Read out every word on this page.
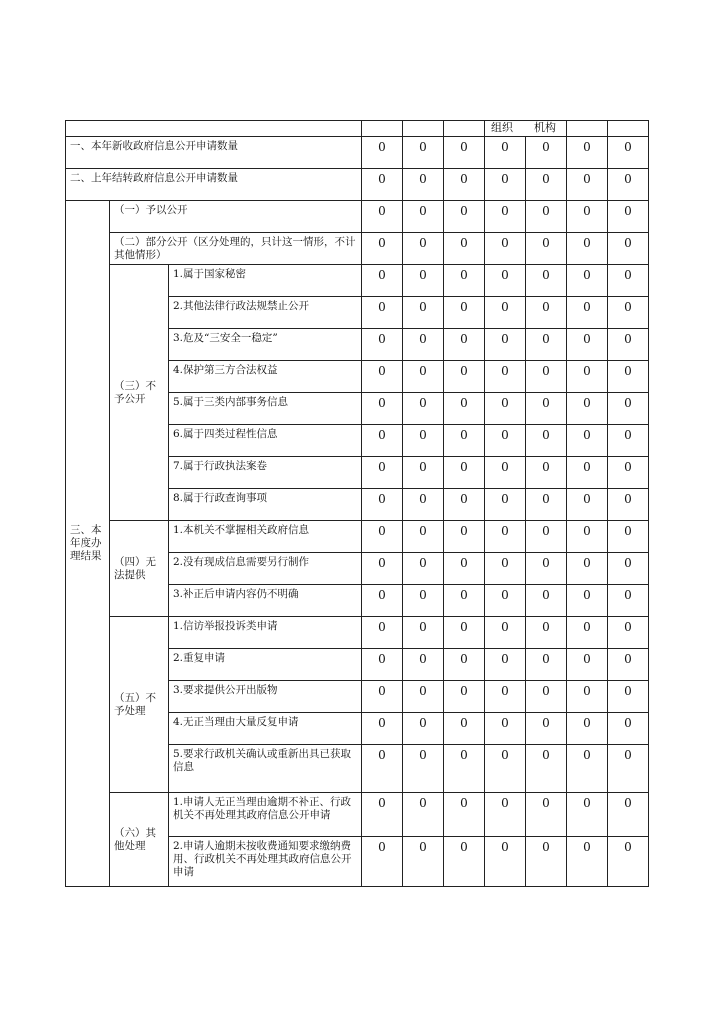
						组织 机构			
一、本年新收政府信息公开申请数量			0	0	0	0	0	0	0
二、上年结转政府信息公开申请数量			0	0	0	0	0	0	0
三、本年度办理结果	（一）予以公开		0	0	0	0	0	0	0
	（二）部分公开（区分处理的，只计这一情形，不计其他情形）		0	0	0	0	0	0	0
	（三）不予公开	1.属于国家秘密	0	0	0	0	0	0	0
		2.其他法律行政法规禁止公开	0	0	0	0	0	0	0
		3.危及“三安全一稳定”	0	0	0	0	0	0	0
		4.保护第三方合法权益	0	0	0	0	0	0	0
		5.属于三类内部事务信息	0	0	0	0	0	0	0
		6.属于四类过程性信息	0	0	0	0	0	0	0
		7.属于行政执法案卷	0	0	0	0	0	0	0
		8.属于行政查询事项	0	0	0	0	0	0	0
	（四）无法提供	1.本机关不掌握相关政府信息	0	0	0	0	0	0	0
		2.没有现成信息需要另行制作	0	0	0	0	0	0	0
		3.补正后申请内容仍不明确	0	0	0	0	0	0	0
	（五）不予处理	1.信访举报投诉类申请	0	0	0	0	0	0	0
		2.重复申请	0	0	0	0	0	0	0
		3.要求提供公开出版物	0	0	0	0	0	0	0
		4.无正当理由大量反复申请	0	0	0	0	0	0	0
		5.要求行政机关确认或重新出具已获取信息	0	0	0	0	0	0	0
	（六）其他处理	1.申请人无正当理由逾期不补正、行政机关不再处理其政府信息公开申请	0	0	0	0	0	0	0
		2.申请人逾期未按收费通知要求缴纳费用、行政机关不再处理其政府信息公开申请	0	0	0	0	0	0	0
